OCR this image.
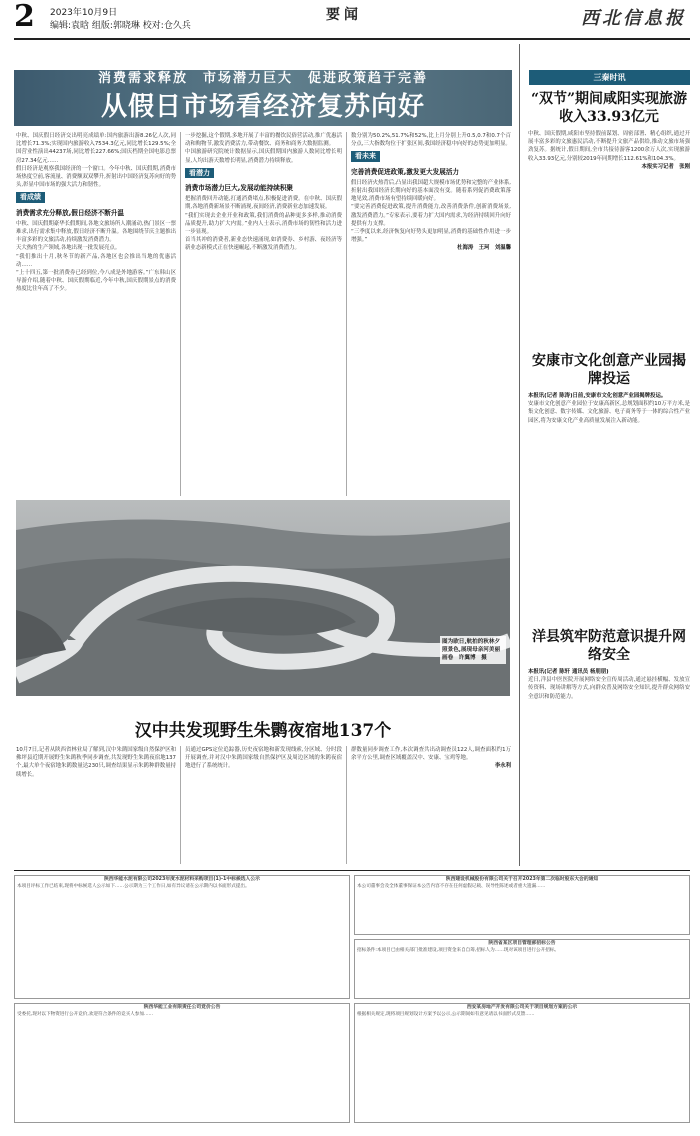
2 2023年10月9日
编辑:袁晗 组版:郭晓琳 校对:仓久兵
要闻	西北信息报
消费需求释放　市场潜力巨大　促进政策趋于完善
从假日市场看经济复苏向好

中秋、国庆假日经济交出明亮成绩单:国内旅游出游8.26亿人次,同比增长71.3%;实现国内旅游收入7534.3亿元,同比增长129.5%;全国营业性演出44237场,同比增长227.66%;国庆档期全国电影总票房27.34亿元……

假日经济是观察我国经济的一个窗口。今年中秋、国庆假期,消费市场热度空前,客流量、消费额双双攀升,折射出中国经济复苏向好的势头,彰显中国市场的强大活力和韧性。

看成绩
消费需求充分释放,假日经济不断升温

中秋、国庆假期豪华长假期间,各地文旅场所人潮涌动,热门景区一票难求,出行需求集中释放,假日经济不断升温。各地围绕节庆主题推出丰富多彩的文旅活动,持续激发消费潜力。

天大热的生产领域,各地出现一批发展亮点。

“我们推出十月,秋冬节的新产品,各地区也会推出当地的优惠活动……

“上十四五,第一批消费券已经到位,今八成是外地游客。”广东韩山区导游介绍,随着中秋、国庆假期临近,今年中秋,国庆假期景点的消费热度比往年高了不少。

一步挖掘,这个假期,多地开展了丰富的餐饮民俗营活动,推广优惠活动和购物节,激发消费活力,带动餐饮、商务和商务大数据监测。

中国旅游研究院统计数据显示,国庆假期国内旅游人数同比增长明显,人均出游天数增长明显,消费潜力持续释放。

看潜力
消费市场潜力巨大,发展动能持续积聚

把握消费回升动能,打通消费堵点,积极促进消费。在中秋、国庆假期,各地消费新场景不断涌现,夜间经济,消费新业态加速发展。

“我们实现去企业开业和政策,我们消费的品种更多多样,推动消费品质提升,助力扩大内需。”业内人士表示,消费市场的韧性和活力进一步显现。

首当其冲的消费者,新业态快速涌现,如消费券、乡村游、夜经济等新业态新模式正在快速崛起,不断激发消费潜力。

数分别为50.2%,51.7%和52%,比上月分别上升0.5,0.7和0.7个百分点,三大指数均位于扩张区间,我国经济稳中向好的态势更加明显。

看未来
完善消费促进政策,激发更大发展活力

假日经济火热背后,凸显出我国超大规模市场优势和完整的产业体系,折射出我国经济长期向好的基本面没有变。随着系列促消费政策落地见效,消费市场有望持续回暖向好。

“要完善消费促进政策,提升消费能力,改善消费条件,创新消费场景,激发消费潜力。”专家表示,要着力扩大国内需求,为经济持续回升向好提供有力支撑。

“三季度以来,经济恢复向好势头更加明显,消费的基础性作用进一步增强。”

杜海涛　王珂　刘温馨

图为欧日,航拍的秋林夕照景色,展现母亲河美丽画卷　许翼博　摄
汉中共发现野生朱鹮夜宿地137个

10月7日,记者从陕西省林业局了解到,汉中朱鹮国家级自然保护区和佛坪县近期开展野生朱鹮秋季同步调查,共发现野生朱鹮夜宿地137个,最大单个夜宿地朱鹮数量达230只,调查结果显示朱鹮种群数量持续增长。

员通过GPS定位追踪器,历史夜宿地和新发现线索,分区域、分时段开展调查,并对汉中朱鹮国家级自然保护区及周边区域的朱鹮夜宿地进行了系统统计。

群数量同步调查工作,本次调查共出动调查员122人,调查面积约1万余平方公里,调查区域覆盖汉中、安康、宝鸡等地。

李永利

三秦时讯
“双节”期间咸阳实现旅游收入33.93亿元

中秋、国庆假期,咸阳市坚持假前谋划、周密部署、精心组织,通过开展丰富多彩的文旅惠民活动,不断提升文旅产品供给,推动文旅市场强劲复苏。据统计,假日期间,全市共接待游客1200余万人次,实现旅游收入33.93亿元,分别较2019年同期增长112.61%和104.3%。

本报实习记者　张刚

安康市文化创意产业园揭牌投运

本报讯(记者 陈涛)日前,安康市文化创意产业园揭牌投运。

安康市文化创意产业园位于安康高新区,总规划面积约10万平方米,是集文化创意、数字传媒、文化旅游、电子商务等于一体的综合性产业园区,将为安康文化产业高质量发展注入新动能。

洋县筑牢防范意识提升网络安全

本报讯(记者 陈轩 通讯员 杨朋朋)

近日,洋县中医医院开展网络安全宣传周活动,通过悬挂横幅、发放宣传资料、现场讲解等方式,向群众普及网络安全知识,提升群众网络安全意识和防范能力。

陕西华能水泥有限公司2023年度水泥材料采购项目(1)-1中标候选人公示
本项目评标工作已结束,现将中标候选人公示如下……公示期为三个工作日,如有异议请在公示期内以书面形式提出。
陕西建设机械股份有限公司关于召开2023年第二次临时股东大会的通知
本公司董事会及全体董事保证本公告内容不存在任何虚假记载、误导性陈述或者重大遗漏……
陕西省某区项目管理部招标公告
招标条件:本项目已由相关部门批准建设,项目资金来自自筹,招标人为……现对该项目进行公开招标。
陕西华能工业有限责任公司竞价公告
受委托,现对以下物资进行公开竞价,欢迎符合条件的竞买人参加……
西安某房地产开发有限公司关于项目规划方案的公示
根据相关规定,现将项目规划设计方案予以公示,公示期间如有意见请以书面形式反馈……
